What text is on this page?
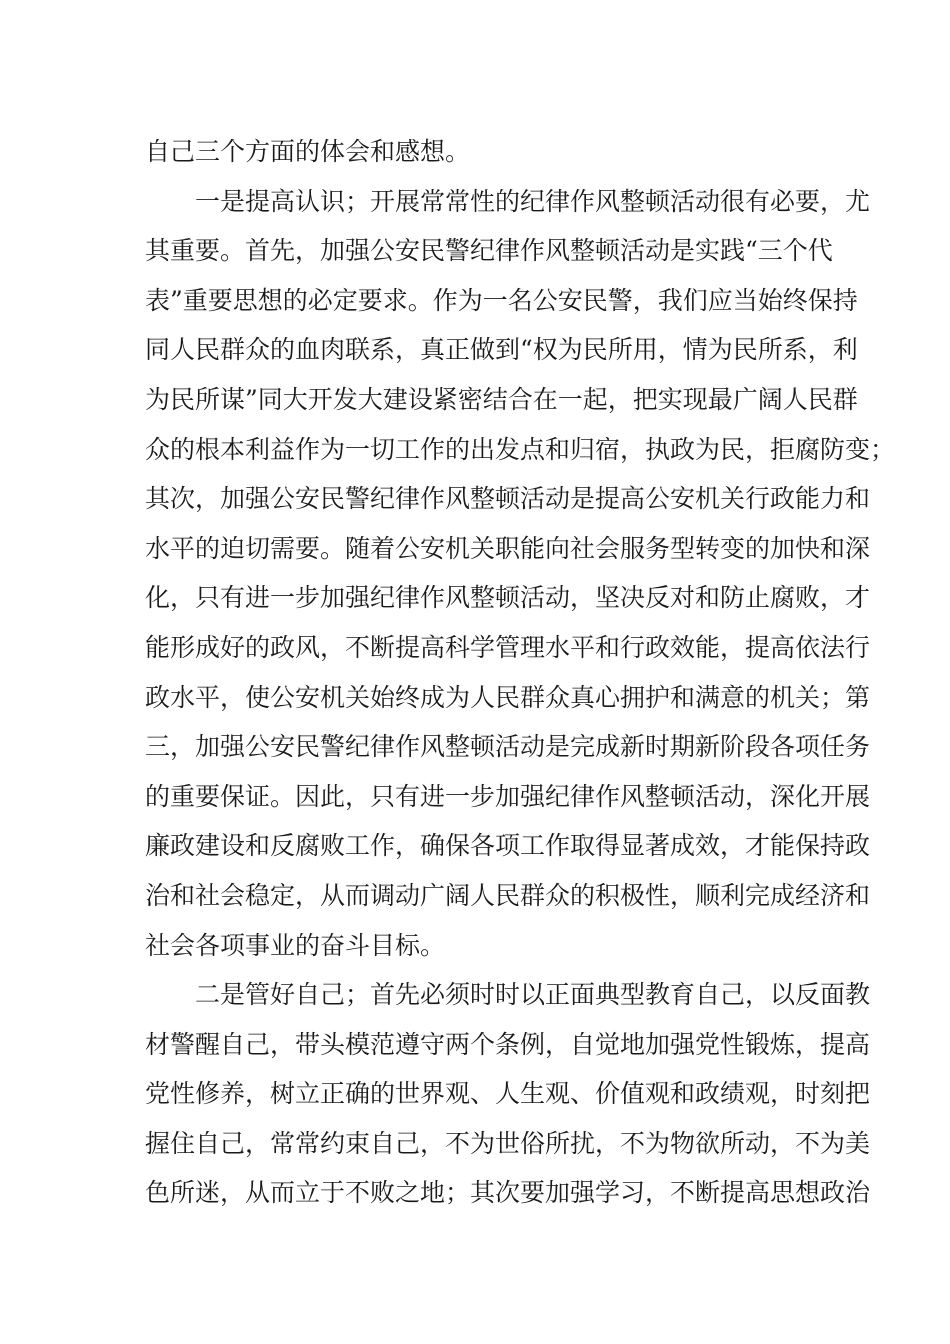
自己三个方面的体会和感想。
一是提高认识；开展常常性的纪律作风整顿活动很有必要，尤
其重要。首先，加强公安民警纪律作风整顿活动是实践“三个代
表”重要思想的必定要求。作为一名公安民警，我们应当始终保持
同人民群众的血肉联系，真正做到“权为民所用，情为民所系，利
为民所谋”同大开发大建设紧密结合在一起，把实现最广阔人民群
众的根本利益作为一切工作的出发点和归宿，执政为民，拒腐防变；
其次，加强公安民警纪律作风整顿活动是提高公安机关行政能力和
水平的迫切需要。随着公安机关职能向社会服务型转变的加快和深
化，只有进一步加强纪律作风整顿活动，坚决反对和防止腐败，才
能形成好的政风，不断提高科学管理水平和行政效能，提高依法行
政水平，使公安机关始终成为人民群众真心拥护和满意的机关；第
三，加强公安民警纪律作风整顿活动是完成新时期新阶段各项任务
的重要保证。因此，只有进一步加强纪律作风整顿活动，深化开展
廉政建设和反腐败工作，确保各项工作取得显著成效，才能保持政
治和社会稳定，从而调动广阔人民群众的积极性，顺利完成经济和
社会各项事业的奋斗目标。
二是管好自己；首先必须时时以正面典型教育自己，以反面教
材警醒自己，带头模范遵守两个条例，自觉地加强党性锻炼，提高
党性修养，树立正确的世界观、人生观、价值观和政绩观，时刻把
握住自己，常常约束自己，不为世俗所扰，不为物欲所动，不为美
色所迷，从而立于不败之地；其次要加强学习，不断提高思想政治
